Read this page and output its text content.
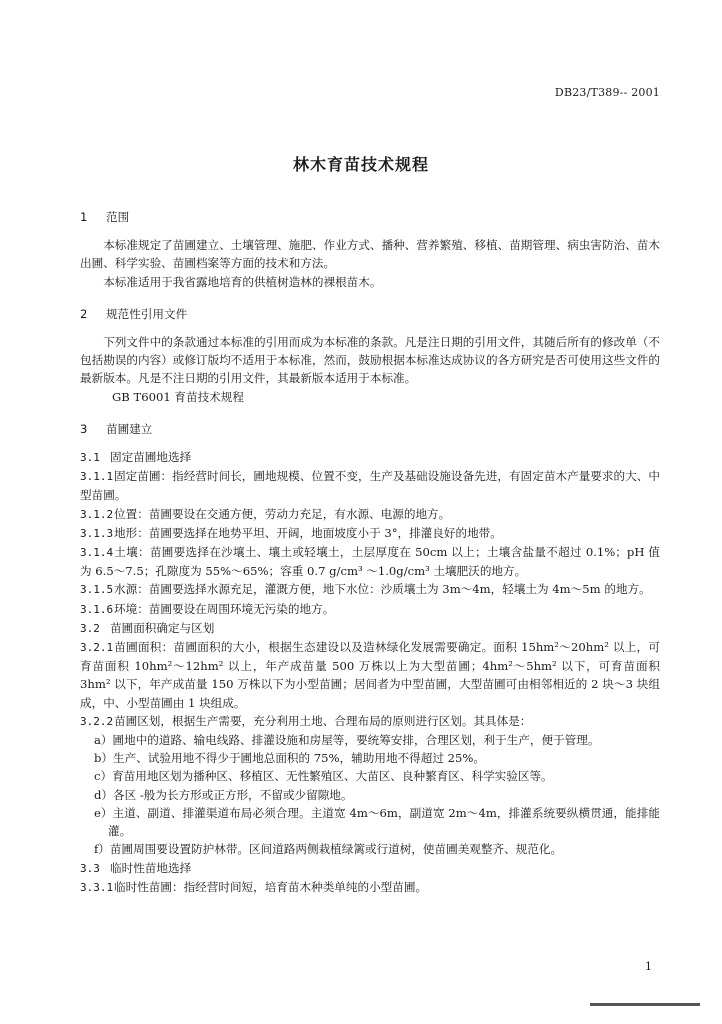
DB23/T389-- 2001
林木育苗技术规程
1 范围

本标准规定了苗圃建立、土壤管理、施肥、作业方式、播种、营养繁殖、移植、苗期管理、病虫害防治、苗木出圃、科学实验、苗圃档案等方面的技术和方法。

本标准适用于我省露地培育的供植树造林的裸根苗木。

2 规范性引用文件

下列文件中的条款通过本标准的引用而成为本标准的条款。凡是注日期的引用文件，其随后所有的修改单（不包括勘误的内容）或修订版均不适用于本标准，然而，鼓励根据本标准达成协议的各方研究是否可使用这些文件的最新版本。凡是不注日期的引用文件，其最新版本适用于本标准。

GB T6001 育苗技术规程

3 苗圃建立
3.1 固定苗圃地选择

3.1.1固定苗圃：指经营时间长，圃地规模、位置不变，生产及基础设施设备先进，有固定苗木产量要求的大、中型苗圃。

3.1.2位置：苗圃要设在交通方便，劳动力充足，有水源、电源的地方。

3.1.3地形：苗圃要选择在地势平坦、开阔，地面坡度小于 3°，排灌良好的地带。

3.1.4土壤：苗圃要选择在沙壤土、壤土或轻壤土，土层厚度在 50cm 以上；土壤含盐量不超过 0.1%；pH 值为 6.5～7.5；孔隙度为 55%～65%；容重 0.7 g/cm³ ～1.0g/cm³ 土壤肥沃的地方。

3.1.5水源：苗圃要选择水源充足，灌溉方便，地下水位：沙质壤土为 3m～4m，轻壤土为 4m～5m 的地方。

3.1.6环境：苗圃要设在周围环境无污染的地方。

3.2 苗圃面积确定与区划

3.2.1苗圃面积：苗圃面积的大小，根据生态建设以及造林绿化发展需要确定。面积 15hm²～20hm² 以上，可育苗面积 10hm²～12hm² 以上，年产成苗量 500 万株以上为大型苗圃；4hm²～5hm² 以下，可育苗面积 3hm² 以下，年产成苗量 150 万株以下为小型苗圃；居间者为中型苗圃，大型苗圃可由相邻相近的 2 块～3 块组成，中、小型苗圃由 1 块组成。

3.2.2苗圃区划，根据生产需要，充分利用土地、合理布局的原则进行区划。其具体是：

a）圃地中的道路、输电线路、排灌设施和房屋等，要统筹安排，合理区划，利于生产，便于管理。

b）生产、试验用地不得少于圃地总面积的 75%，辅助用地不得超过 25%。

c）育苗用地区划为播种区、移植区、无性繁殖区、大苗区、良种繁育区、科学实验区等。

d）各区 -般为长方形或正方形，不留或少留隙地。

e）主道、副道、排灌渠道布局必须合理。主道宽 4m～6m，副道宽 2m～4m，排灌系统要纵横贯通，能排能灌。

f）苗圃周围要设置防护林带。区间道路两侧栽植绿篱或行道树，使苗圃美观整齐、规范化。

3.3 临时性苗地选择

3.3.1临时性苗圃：指经营时间短，培育苗木种类单纯的小型苗圃。

1
